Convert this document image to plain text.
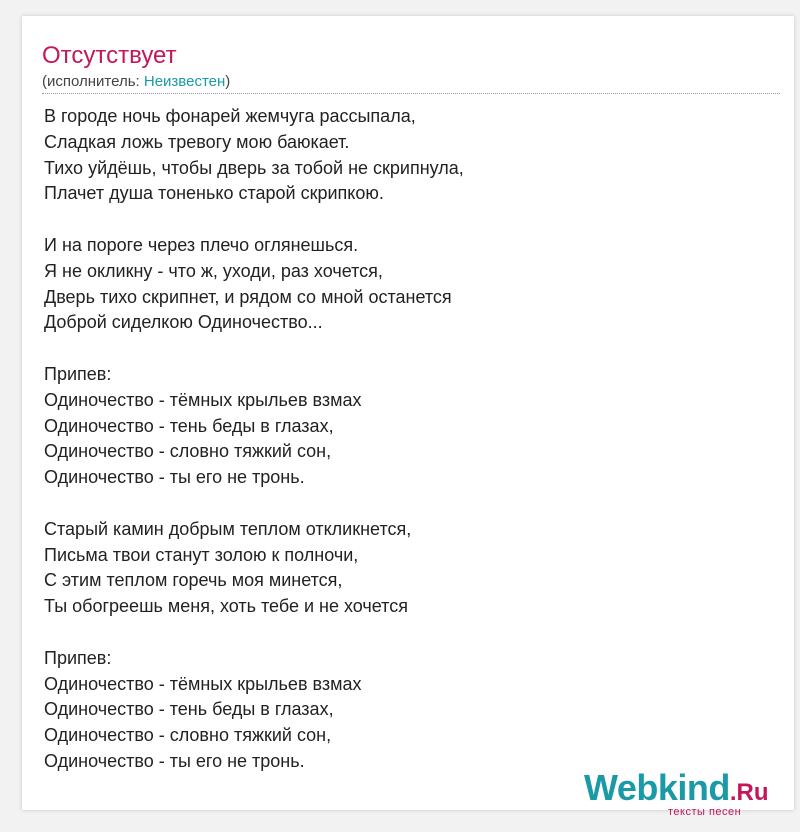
Отсутствует
(исполнитель: Неизвестен)
В городе ночь фонарей жемчуга рассыпала,
Сладкая ложь тревогу мою баюкает.
Тихо уйдёшь, чтобы дверь за тобой не скрипнула,
Плачет душа тоненько старой скрипкою.
И на пороге через плечо оглянешься.
Я не окликну - что ж, уходи, раз хочется,
Дверь тихо скрипнет, и рядом со мной останется
Доброй сиделкою Одиночество...
Припев:
Одиночество - тёмных крыльев взмах
Одиночество - тень беды в глазах,
Одиночество - словно тяжкий сон,
Одиночество - ты его не тронь.
Старый камин добрым теплом откликнется,
Письма твои станут золою к полночи,
С этим теплом горечь моя минется,
Ты обогреешь меня, хоть тебе и не хочется
Припев:
Одиночество - тёмных крыльев взмах
Одиночество - тень беды в глазах,
Одиночество - словно тяжкий сон,
Одиночество - ты его не тронь.
Webkind.Ru
тексты песен
